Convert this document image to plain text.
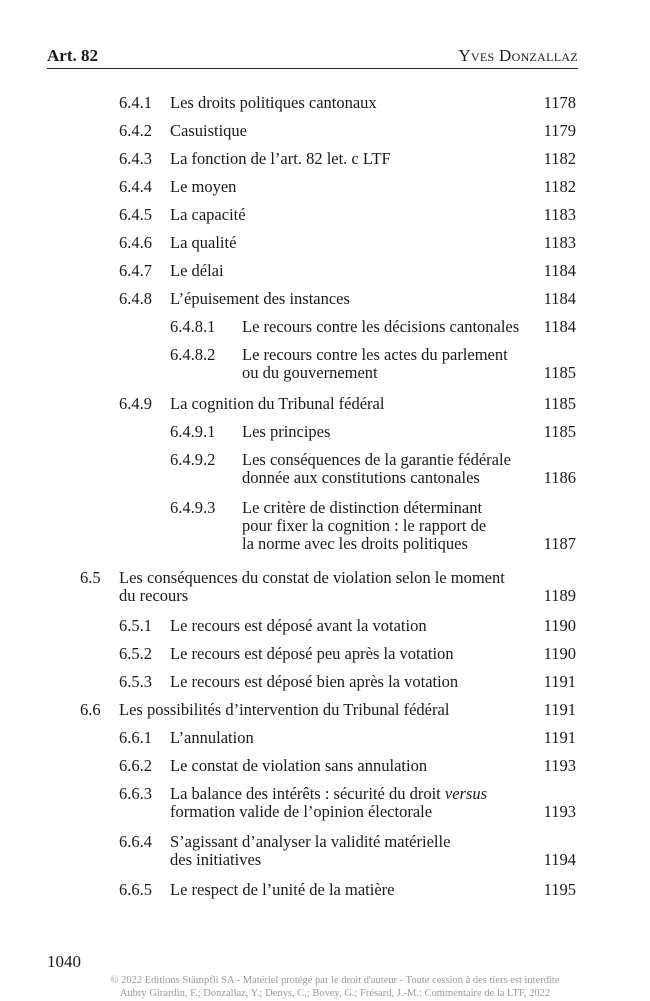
Art. 82	Yves Donzallaz
6.4.1 Les droits politiques cantonaux	1178
6.4.2 Casuistique	1179
6.4.3 La fonction de l’art. 82 let. c LTF	1182
6.4.4 Le moyen	1182
6.4.5 La capacité	1183
6.4.6 La qualité	1183
6.4.7 Le délai	1184
6.4.8 L’épuisement des instances	1184
6.4.8.1 Le recours contre les décisions cantonales 1184
6.4.8.2 Le recours contre les actes du parlement
ou du gouvernement	1185
6.4.9 La cognition du Tribunal fédéral	1185
6.4.9.1 Les principes	1185
6.4.9.2 Les conséquences de la garantie fédérale
donnée aux constitutions cantonales	1186
6.4.9.3 Le critère de distinction déterminant
pour fixer la cognition : le rapport de
la norme avec les droits politiques	1187
6.5 Les conséquences du constat de violation selon le moment
du recours	1189
6.5.1 Le recours est déposé avant la votation	1190
6.5.2 Le recours est déposé peu après la votation	1190
6.5.3 Le recours est déposé bien après la votation	1191
6.6 Les possibilités d’intervention du Tribunal fédéral	1191
6.6.1 L’annulation	1191
6.6.2 Le constat de violation sans annulation	1193
6.6.3 La balance des intérêts : sécurité du droit versus
formation valide de l’opinion électorale	1193
6.6.4 S’agissant d’analyser la validité matérielle
des initiatives	1194
6.6.5 Le respect de l’unité de la matière	1195
1040
© 2022 Editions Stämpfli SA - Matériel protégé par le droit d'auteur - Toute cession à des tiers est interdite
Aubry Girardin, F.; Donzallaz, Y.; Denys, C.; Bovey, G.; Frésard, J.-M.: Commentaire de la LTF, 2022
